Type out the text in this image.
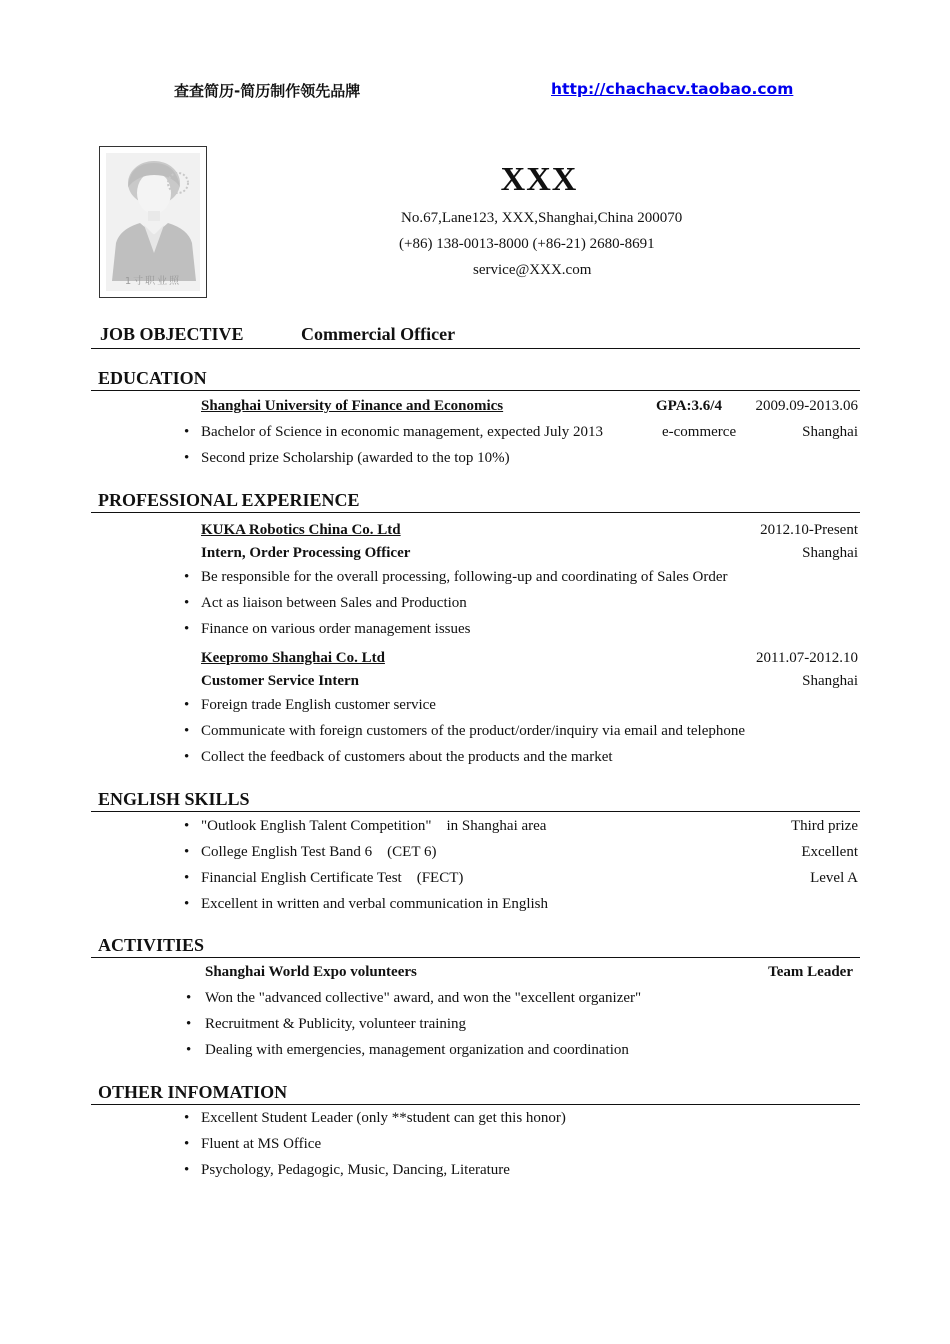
查查简历-简历制作领先品牌	http://chachacv.taobao.com
1寸职业照
XXX
No.67,Lane123, XXX,Shanghai,China 200070
(+86) 138-0013-8000 (+86-21) 2680-8691
service@XXX.com
JOB OBJECTIVE	Commercial Officer
EDUCATION
Shanghai University of Finance and Economics	GPA:3.6/4 2009.09-2013.06
• Bachelor of Science in economic management, expected July 2013	e-commerce	Shanghai
• Second prize Scholarship (awarded to the top 10%)
PROFESSIONAL EXPERIENCE
KUKA Robotics China Co. Ltd	2012.10-Present
Intern, Order Processing Officer	Shanghai
• Be responsible for the overall processing, following-up and coordinating of Sales Order
• Act as liaison between Sales and Production
• Finance on various order management issues
Keepromo Shanghai Co. Ltd	2011.07-2012.10
Customer Service Intern	Shanghai
• Foreign trade English customer service
• Communicate with foreign customers of the product/order/inquiry via email and telephone
• Collect the feedback of customers about the products and the market
ENGLISH SKILLS
• "Outlook English Talent Competition"    in Shanghai area	Third prize
• College English Test Band 6    (CET 6)	Excellent
• Financial English Certificate Test    (FECT)	Level A
• Excellent in written and verbal communication in English
ACTIVITIES
Shanghai World Expo volunteers	Team Leader
• Won the "advanced collective" award, and won the "excellent organizer"
• Recruitment & Publicity, volunteer training
• Dealing with emergencies, management organization and coordination
OTHER INFOMATION
• Excellent Student Leader (only **student can get this honor)
• Fluent at MS Office
• Psychology, Pedagogic, Music, Dancing, Literature
